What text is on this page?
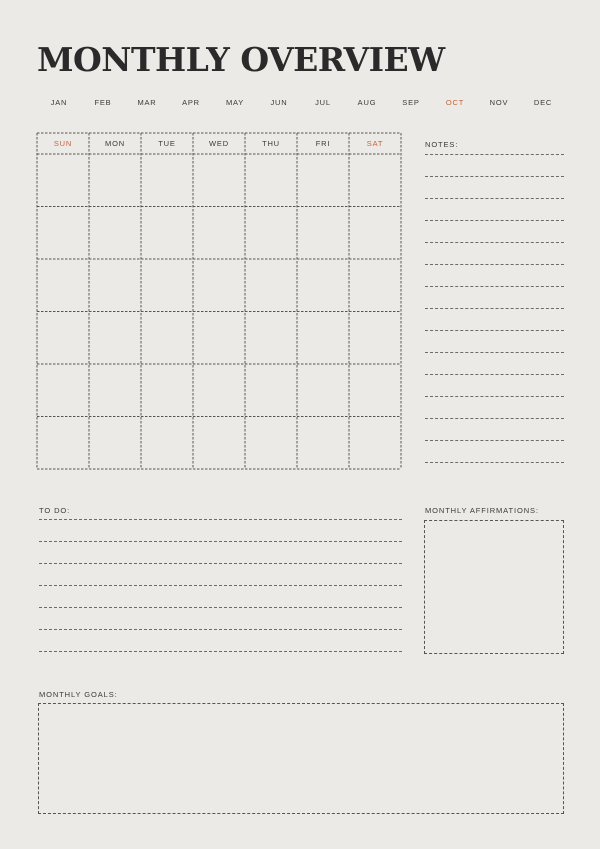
MONTHLY OVERVIEW
JAN	FEB	MAR	APR	MAY	JUN	JUL	AUG	SEP	OCT	NOV	DEC
SUN	MON	TUE	WED	THU	FRI	SAT	NOTES:
TO DO:	MONTHLY AFFIRMATIONS:
MONTHLY GOALS:
